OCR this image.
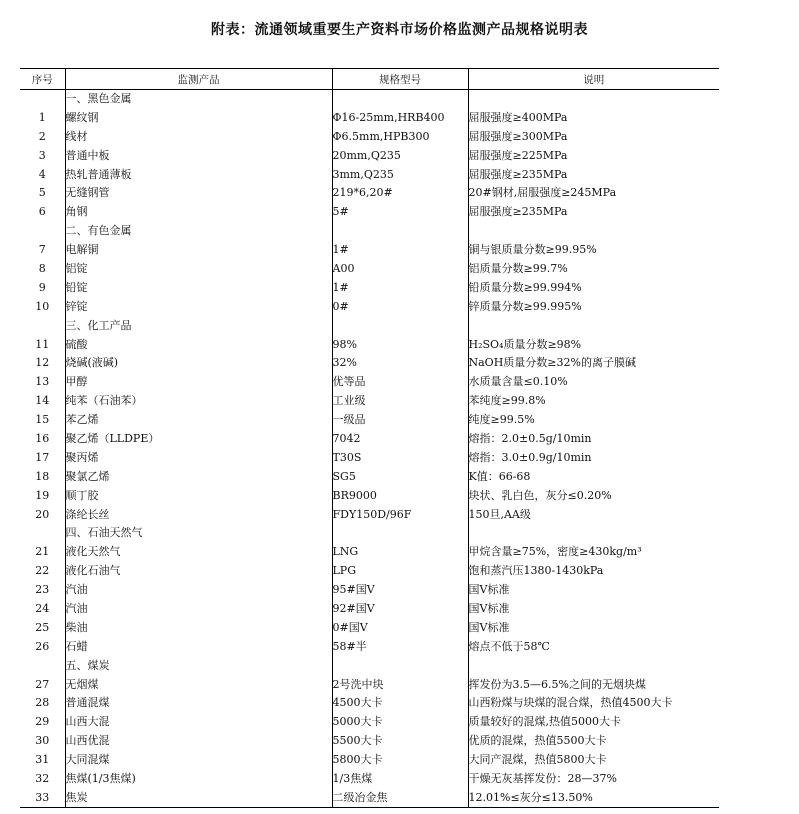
附表：流通领域重要生产资料市场价格监测产品规格说明表
序号	监测产品	规格型号	说明
	一、黑色金属		
1	螺纹钢	Φ16-25mm,HRB400	屈服强度≥400MPa
2	线材	Φ6.5mm,HPB300	屈服强度≥300MPa
3	普通中板	20mm,Q235	屈服强度≥225MPa
4	热轧普通薄板	3mm,Q235	屈服强度≥235MPa
5	无缝钢管	219*6,20#	20#钢材,屈服强度≥245MPa
6	角钢	5#	屈服强度≥235MPa
	二、有色金属		
7	电解铜	1#	铜与银质量分数≥99.95%
8	铝锭	A00	铝质量分数≥99.7%
9	铅锭	1#	铅质量分数≥99.994%
10	锌锭	0#	锌质量分数≥99.995%
	三、化工产品		
11	硫酸	98%	H₂SO₄质量分数≥98%
12	烧碱(液碱)	32%	NaOH质量分数≥32%的离子膜碱
13	甲醇	优等品	水质量含量≤0.10%
14	纯苯（石油苯）	工业级	苯纯度≥99.8%
15	苯乙烯	一级品	纯度≥99.5%
16	聚乙烯（LLDPE）	7042	熔指：2.0±0.5g/10min
17	聚丙烯	T30S	熔指：3.0±0.9g/10min
18	聚氯乙烯	SG5	K值：66-68
19	顺丁胶	BR9000	块状、乳白色，灰分≤0.20%
20	涤纶长丝	FDY150D/96F	150旦,AA级
	四、石油天然气		
21	液化天然气	LNG	甲烷含量≥75%，密度≥430kg/m³
22	液化石油气	LPG	饱和蒸汽压1380-1430kPa
23	汽油	95#国Ⅴ	国Ⅴ标准
24	汽油	92#国Ⅴ	国Ⅴ标准
25	柴油	0#国Ⅴ	国Ⅴ标准
26	石蜡	58#半	熔点不低于58℃
	五、煤炭		
27	无烟煤	2号洗中块	挥发份为3.5—6.5%之间的无烟块煤
28	普通混煤	4500大卡	山西粉煤与块煤的混合煤，热值4500大卡
29	山西大混	5000大卡	质量较好的混煤,热值5000大卡
30	山西优混	5500大卡	优质的混煤，热值5500大卡
31	大同混煤	5800大卡	大同产混煤，热值5800大卡
32	焦煤(1/3焦煤)	1/3焦煤	干燥无灰基挥发份：28—37%
33	焦炭	二级冶金焦	12.01%≤灰分≤13.50%
